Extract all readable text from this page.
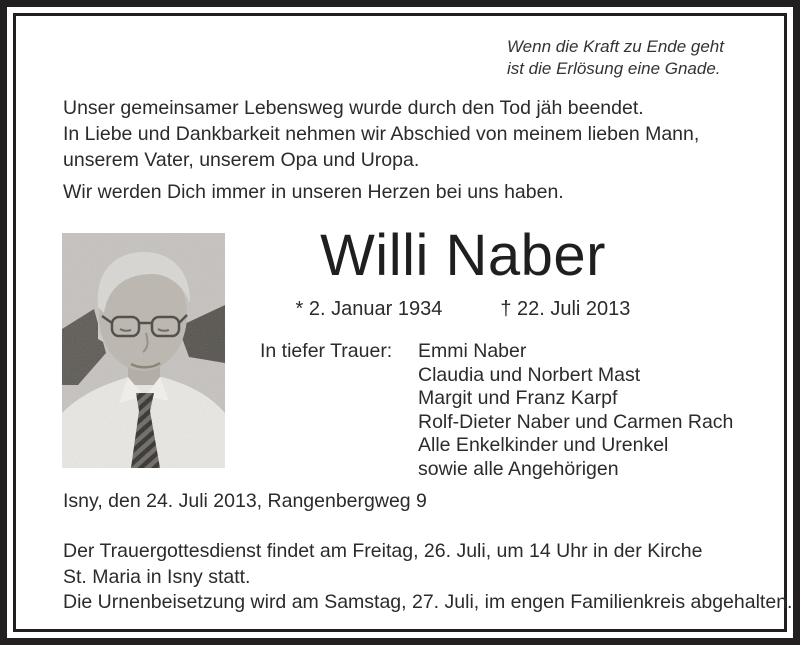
Wenn die Kraft zu Ende geht
ist die Erlösung eine Gnade.
Unser gemeinsamer Lebensweg wurde durch den Tod jäh beendet.
In Liebe und Dankbarkeit nehmen wir Abschied von meinem lieben Mann,
unserem Vater, unserem Opa und Uropa.
Wir werden Dich immer in unseren Herzen bei uns haben.
Willi Naber
* 2. Januar 1934	† 22. Juli 2013
In tiefer Trauer:	Emmi Naber
Claudia und Norbert Mast
Margit und Franz Karpf
Rolf-Dieter Naber und Carmen Rach
Alle Enkelkinder und Urenkel
sowie alle Angehörigen
Isny, den 24. Juli 2013, Rangenbergweg 9
Der Trauergottesdienst findet am Freitag, 26. Juli, um 14 Uhr in der Kirche
St. Maria in Isny statt.
Die Urnenbeisetzung wird am Samstag, 27. Juli, im engen Familienkreis abgehalten.
